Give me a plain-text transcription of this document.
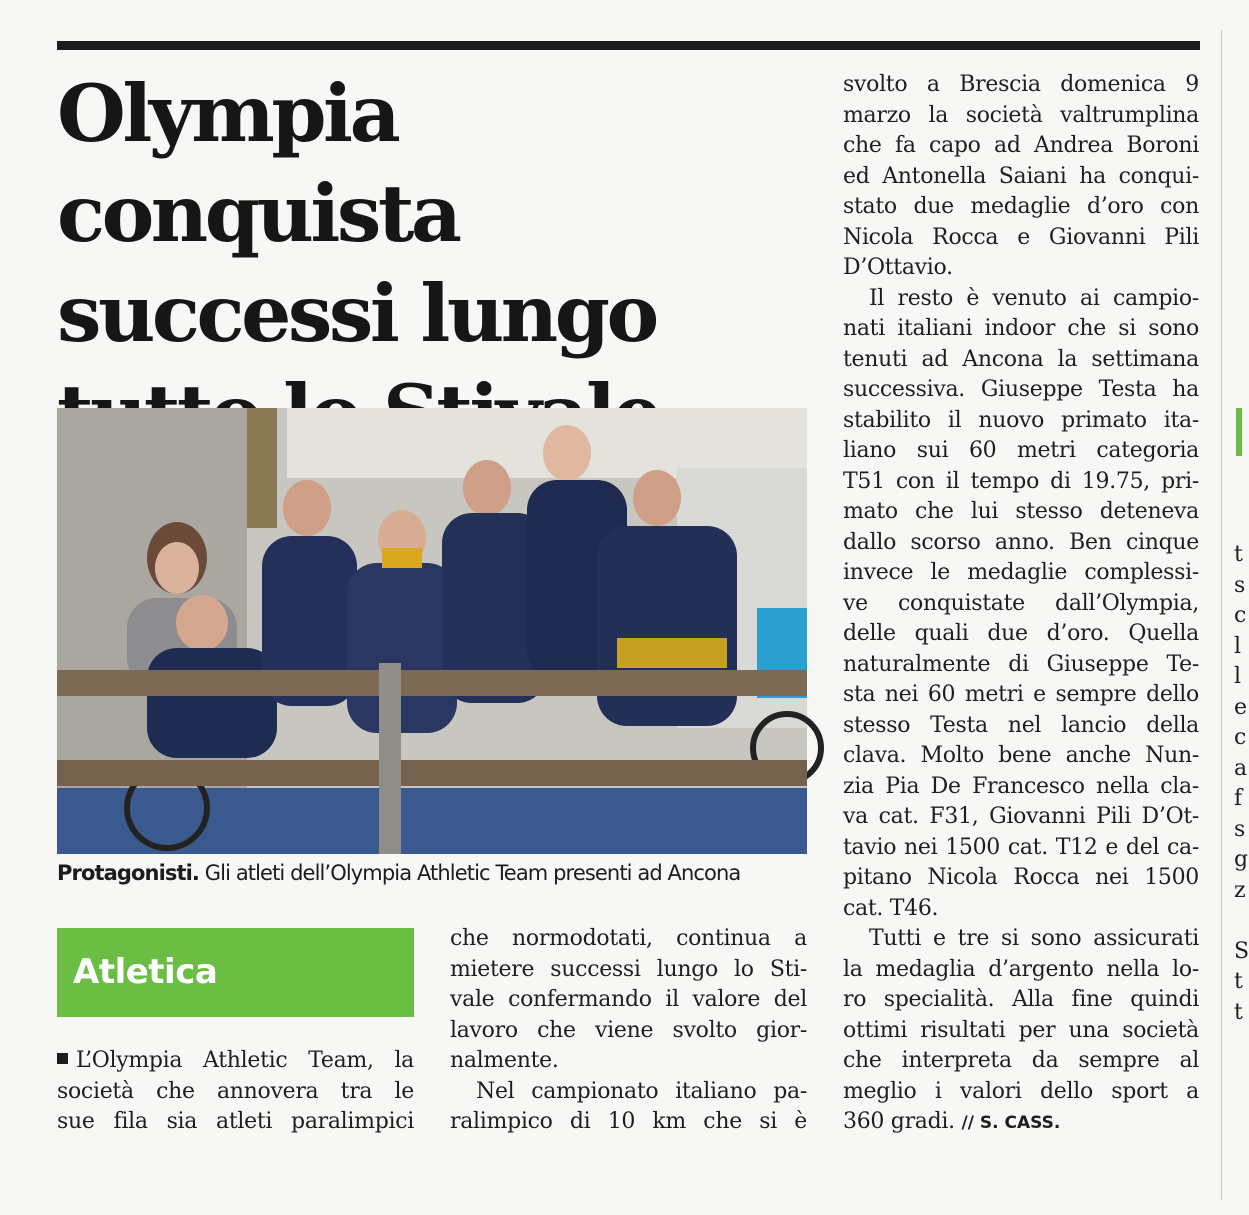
Olympia conquista
successi lungo

Protagonisti. Gli atleti dell’Olympia Athletic Team presenti ad Ancona

Atletica

L’Olympia Athletic Team, la
società che annovera tra le
sue fila sia atleti paralimpici

che normodotati, continua a
mietere successi lungo lo Sti-
vale confermando il valore del
lavoro che viene svolto gior-
nalmente.

Nel campionato italiano pa-
ralimpico di 10 km che si è

svolto a Brescia domenica 9
marzo la società valtrumplina
che fa capo ad Andrea Boroni
ed Antonella Saiani ha conqui-
stato due medaglie d’oro con
Nicola Rocca e Giovanni Pili
D’Ottavio.

Il resto è venuto ai campio-
nati italiani indoor che si sono
tenuti ad Ancona la settimana
successiva. Giuseppe Testa ha
stabilito il nuovo primato ita-
liano sui 60 metri categoria
T51 con il tempo di 19.75, pri-
mato che lui stesso deteneva
dallo scorso anno. Ben cinque
invece le medaglie complessi-
ve conquistate dall’Olympia,
delle quali due d’oro. Quella
naturalmente di Giuseppe Te-
sta nei 60 metri e sempre dello
stesso Testa nel lancio della
clava. Molto bene anche Nun-
zia Pia De Francesco nella cla-
va cat. F31, Giovanni Pili D’Ot-
tavio nei 1500 cat. T12 e del ca-
pitano Nicola Rocca nei 1500
cat. T46.

Tutti e tre si sono assicurati
la medaglia d’argento nella lo-
ro specialità. Alla fine quindi
ottimi risultati per una società
che interpreta da sempre al
meglio i valori dello sport a
360 gradi. // S. CASS.

t
s
c
l
l
e
c
a
f
s
g
z
S
t
t
